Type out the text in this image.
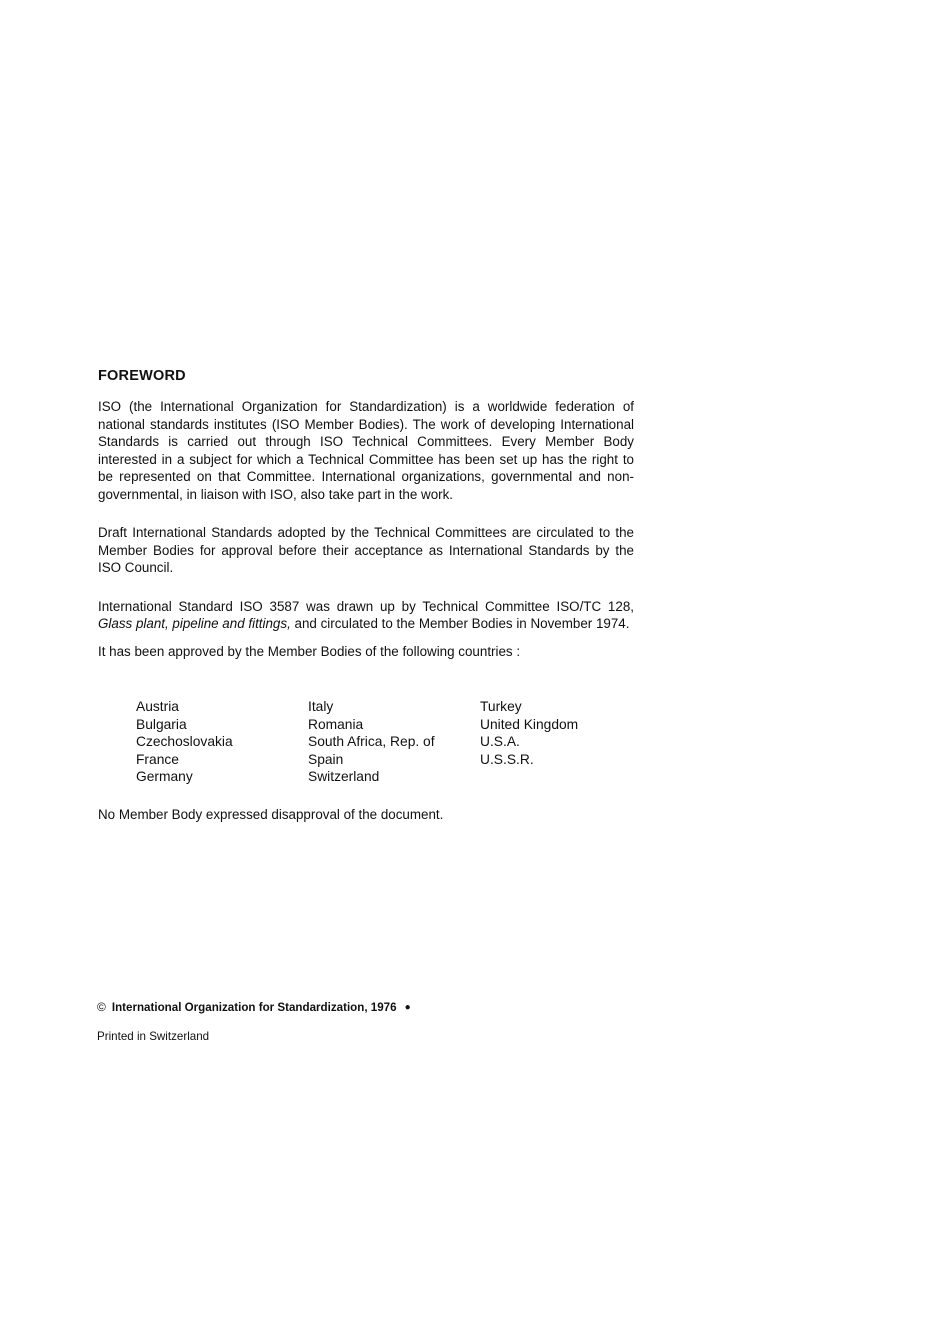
FOREWORD

ISO (the International Organization for Standardization) is a worldwide federation of national standards institutes (ISO Member Bodies). The work of developing International Standards is carried out through ISO Technical Committees. Every Member Body interested in a subject for which a Technical Committee has been set up has the right to be represented on that Committee. International organizations, governmental and non-governmental, in liaison with ISO, also take part in the work.

Draft International Standards adopted by the Technical Committees are circulated to the Member Bodies for approval before their acceptance as International Standards by the ISO Council.

International Standard ISO 3587 was drawn up by Technical Committee ISO/TC 128, Glass plant, pipeline and fittings, and circulated to the Member Bodies in November 1974.

It has been approved by the Member Bodies of the following countries :

Austria
Bulgaria
Czechoslovakia
France
Germany
Italy
Romania
South Africa, Rep. of
Spain
Switzerland
Turkey
United Kingdom
U.S.A.
U.S.S.R.
No Member Body expressed disapproval of the document.
© International Organization for Standardization, 1976 ●
Printed in Switzerland
